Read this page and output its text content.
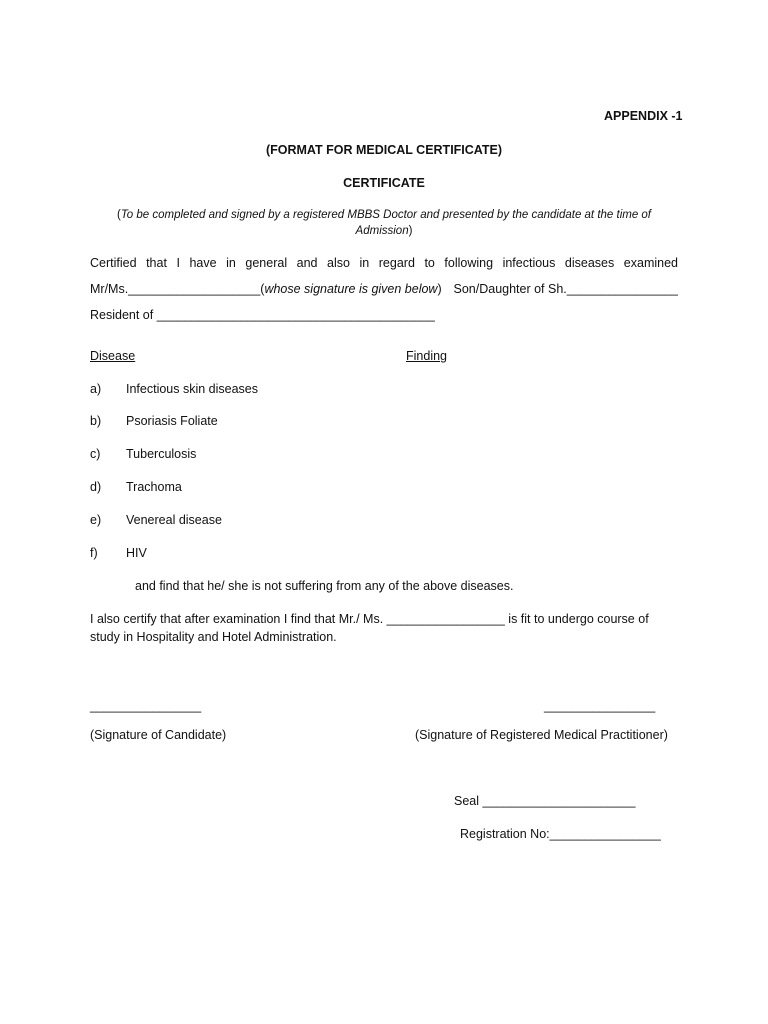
APPENDIX -1
(FORMAT FOR MEDICAL CERTIFICATE)
CERTIFICATE
(To be completed and signed by a registered MBBS Doctor and presented by the candidate at the time of Admission)
Certified that I have in general and also in regard to following infectious diseases examined
Mr/Ms.___________________(whose signature is given below) Son/Daughter of Sh.________________
Resident of ________________________________________
Disease	Finding
a) Infectious skin diseases
b) Psoriasis Foliate
c) Tuberculosis
d) Trachoma
e) Venereal disease
f) HIV
and find that he/ she is not suffering from any of the above diseases.
I also certify that after examination I find that Mr./ Ms. _________________ is fit to undergo course of
study in Hospitality and Hotel Administration.
________________	________________
(Signature of Candidate)	(Signature of Registered Medical Practitioner)
Seal ______________________
Registration No:________________
